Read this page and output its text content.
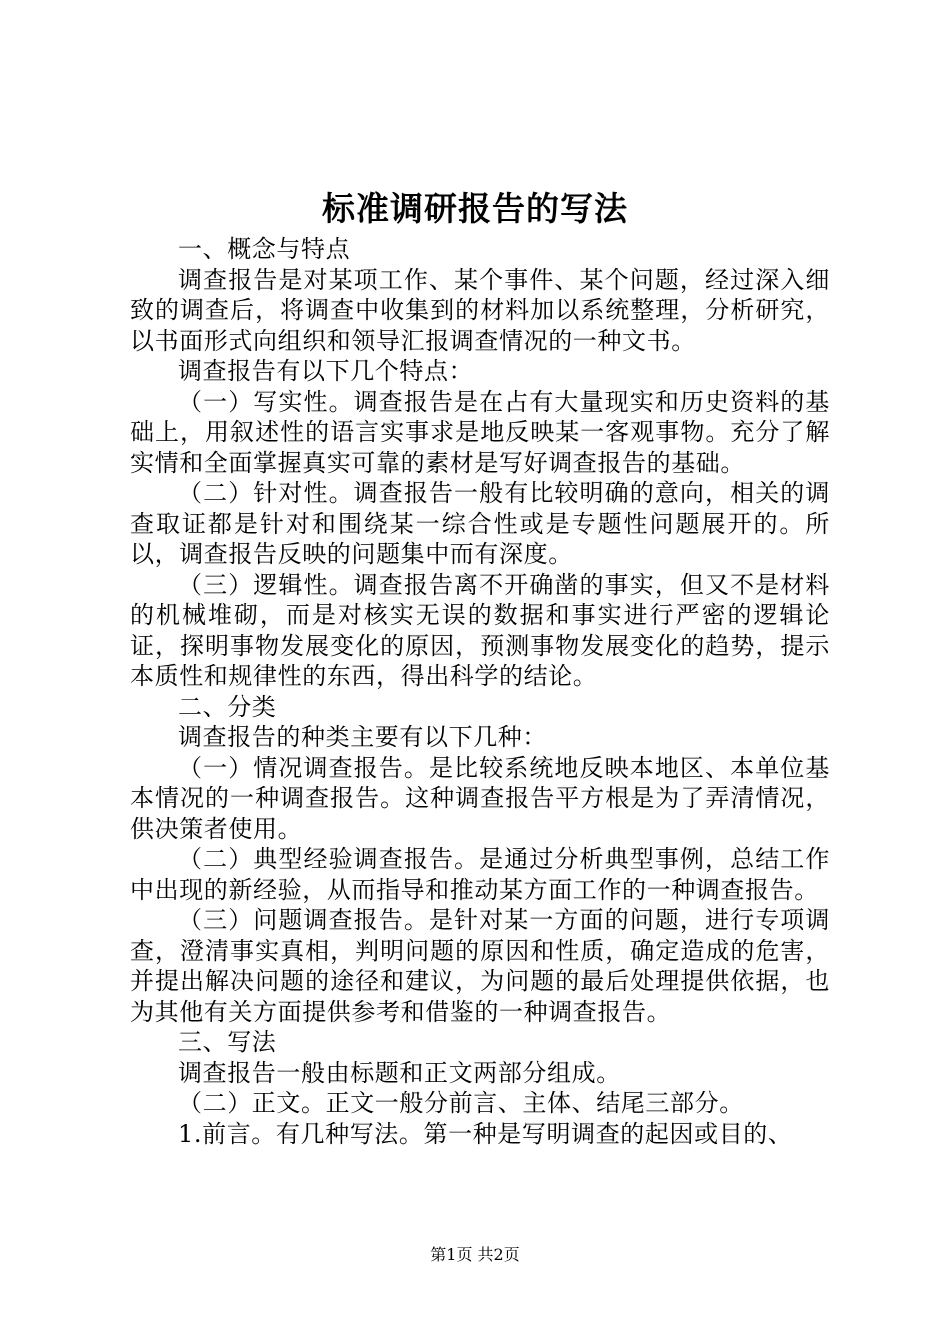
标准调研报告的写法

一、概念与特点

调查报告是对某项工作、某个事件、某个问题，经过深入细致的调查后，将调查中收集到的材料加以系统整理，分析研究，以书面形式向组织和领导汇报调查情况的一种文书。

调查报告有以下几个特点：

（一）写实性。调查报告是在占有大量现实和历史资料的基础上，用叙述性的语言实事求是地反映某一客观事物。充分了解实情和全面掌握真实可靠的素材是写好调查报告的基础。

（二）针对性。调查报告一般有比较明确的意向，相关的调查取证都是针对和围绕某一综合性或是专题性问题展开的。所以，调查报告反映的问题集中而有深度。

（三）逻辑性。调查报告离不开确凿的事实，但又不是材料的机械堆砌，而是对核实无误的数据和事实进行严密的逻辑论证，探明事物发展变化的原因，预测事物发展变化的趋势，提示本质性和规律性的东西，得出科学的结论。

二、分类

调查报告的种类主要有以下几种：

（一）情况调查报告。是比较系统地反映本地区、本单位基本情况的一种调查报告。这种调查报告平方根是为了弄清情况，供决策者使用。

（二）典型经验调查报告。是通过分析典型事例，总结工作中出现的新经验，从而指导和推动某方面工作的一种调查报告。

（三）问题调查报告。是针对某一方面的问题，进行专项调查，澄清事实真相，判明问题的原因和性质，确定造成的危害，并提出解决问题的途径和建议，为问题的最后处理提供依据，也为其他有关方面提供参考和借鉴的一种调查报告。

三、写法

调查报告一般由标题和正文两部分组成。

（二）正文。正文一般分前言、主体、结尾三部分。

1.前言。有几种写法。第一种是写明调查的起因或目的、

第1页 共2页
